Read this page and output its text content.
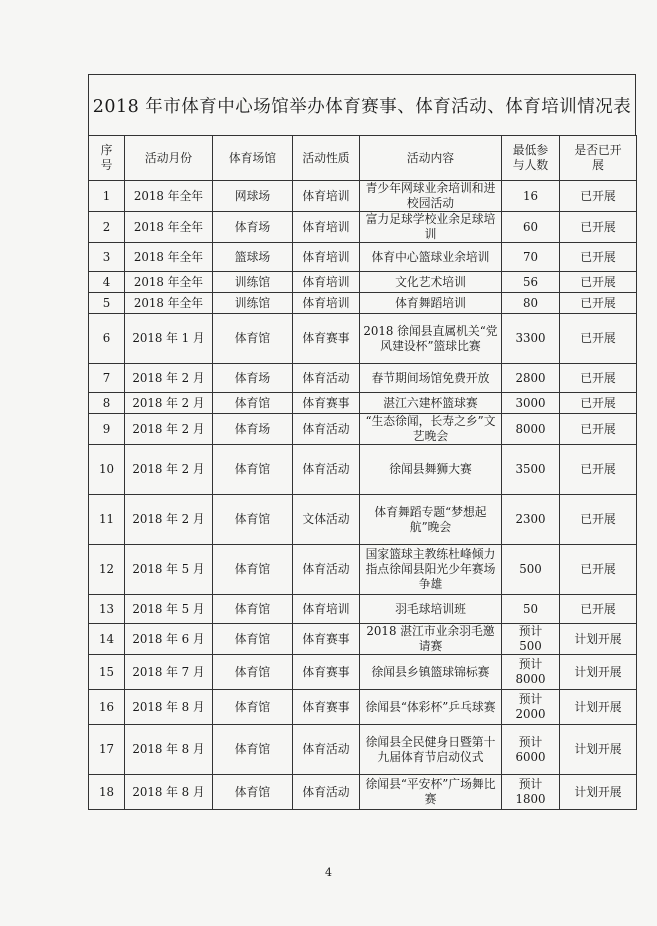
2018 年市体育中心场馆举办体育赛事、体育活动、体育培训情况表
序号	活动月份	体育场馆	活动性质	活动内容	最低参与人数	是否已开展
1	2018 年全年	网球场	体育培训	青少年网球业余培训和进校园活动	16	已开展
2	2018 年全年	体育场	体育培训	富力足球学校业余足球培训	60	已开展
3	2018 年全年	篮球场	体育培训	体育中心篮球业余培训	70	已开展
4	2018 年全年	训练馆	体育培训	文化艺术培训	56	已开展
5	2018 年全年	训练馆	体育培训	体育舞蹈培训	80	已开展
6	2018 年 1 月	体育馆	体育赛事	2018 徐闻县直属机关“党风建设杯”篮球比赛	3300	已开展
7	2018 年 2 月	体育场	体育活动	春节期间场馆免费开放	2800	已开展
8	2018 年 2 月	体育馆	体育赛事	湛江六建杯篮球赛	3000	已开展
9	2018 年 2 月	体育场	体育活动	“生态徐闻，长寿之乡”文艺晚会	8000	已开展
10	2018 年 2 月	体育馆	体育活动	徐闻县舞狮大赛	3500	已开展
11	2018 年 2 月	体育馆	文体活动	体育舞蹈专题“梦想起航”晚会	2300	已开展
12	2018 年 5 月	体育馆	体育活动	国家篮球主教练杜峰倾力指点徐闻县阳光少年赛场争雄	500	已开展
13	2018 年 5 月	体育馆	体育培训	羽毛球培训班	50	已开展
14	2018 年 6 月	体育馆	体育赛事	2018 湛江市业余羽毛邀请赛	预计 500	计划开展
15	2018 年 7 月	体育馆	体育赛事	徐闻县乡镇篮球锦标赛	预计 8000	计划开展
16	2018 年 8 月	体育馆	体育赛事	徐闻县“体彩杯”乒乓球赛	预计 2000	计划开展
17	2018 年 8 月	体育馆	体育活动	徐闻县全民健身日暨第十九届体育节启动仪式	预计 6000	计划开展
18	2018 年 8 月	体育馆	体育活动	徐闻县“平安杯”广场舞比赛	预计 1800	计划开展
4
